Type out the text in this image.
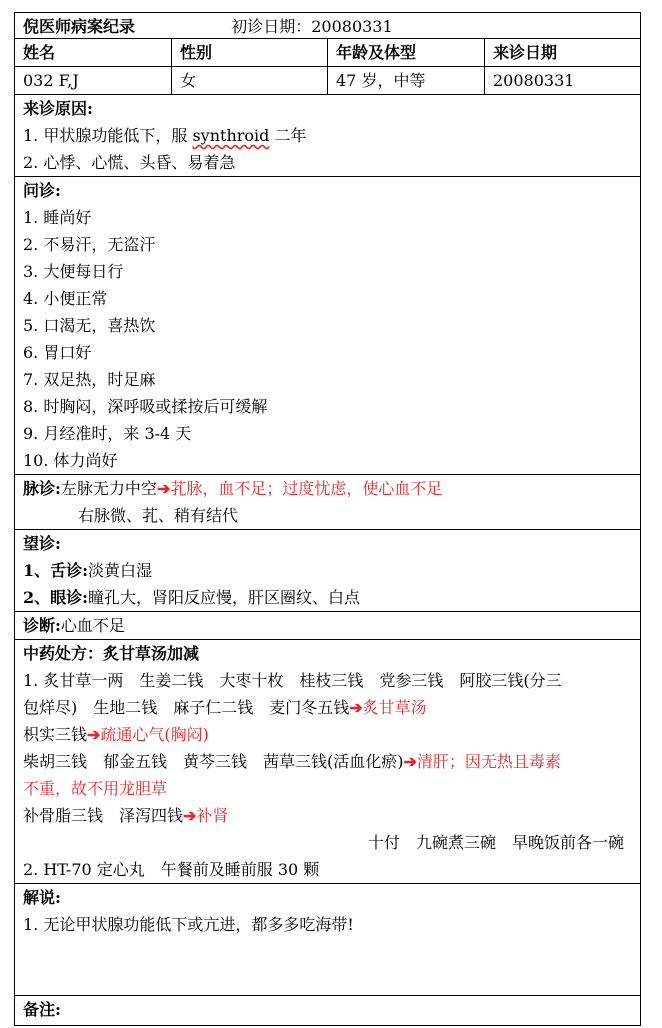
倪医师病案纪录	初诊日期：20080331
姓名	性别	年龄及体型	来诊日期
032 F,J	女	47 岁，中等	20080331
来诊原因:
1. 甲状腺功能低下，服 synthroid 二年
2. 心悸、心慌、头昏、易着急
问诊:
1. 睡尚好
2. 不易汗，无盗汗
3. 大便每日行
4. 小便正常
5. 口渴无，喜热饮
6. 胃口好
7. 双足热，时足麻
8. 时胸闷，深呼吸或揉按后可缓解
9. 月经准时，来 3-4 天
10. 体力尚好
脉诊:左脉无力中空➔芤脉，血不足；过度忧虑，使心血不足
右脉微、芤、稍有结代
望诊:
1、舌诊:淡黄白湿
2、眼诊:瞳孔大，肾阳反应慢，肝区圈纹、白点
诊断:心血不足
中药处方：炙甘草汤加减
1. 炙甘草一两　生姜二钱　大枣十枚　桂枝三钱　党参三钱　阿胶三钱(分三
包烊尽)　生地二钱　麻子仁二钱　麦门冬五钱➔炙甘草汤
枳实三钱➔疏通心气(胸闷)
柴胡三钱　郁金五钱　黄芩三钱　茜草三钱(活血化瘀)➔清肝；因无热且毒素
不重，故不用龙胆草
补骨脂三钱　泽泻四钱➔补肾
十付　九碗煮三碗　早晚饭前各一碗
2. HT-70 定心丸　午餐前及睡前服 30 颗
解说:
1. 无论甲状腺功能低下或亢进，都多多吃海带!
备注:
